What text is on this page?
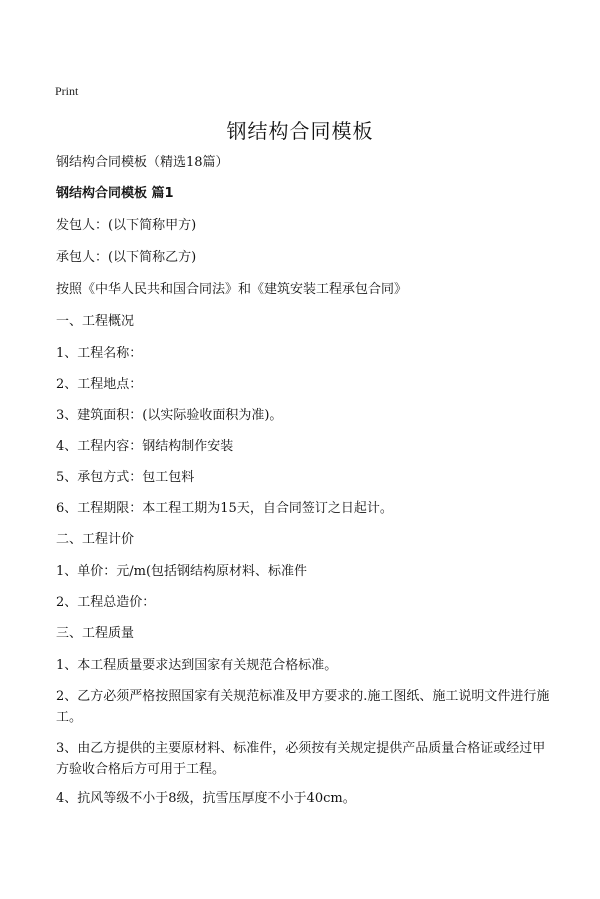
Print
钢结构合同模板
钢结构合同模板（精选18篇）
钢结构合同模板 篇1
发包人：(以下简称甲方)
承包人：(以下简称乙方)
按照《中华人民共和国合同法》和《建筑安装工程承包合同》
一、工程概况
1、工程名称：
2、工程地点：
3、建筑面积：(以实际验收面积为准)。
4、工程内容：钢结构制作安装
5、承包方式：包工包料
6、工程期限：本工程工期为15天，自合同签订之日起计。
二、工程计价
1、单价：元/m(包括钢结构原材料、标准件
2、工程总造价：
三、工程质量
1、本工程质量要求达到国家有关规范合格标准。
2、乙方必须严格按照国家有关规范标准及甲方要求的.施工图纸、施工说明文件进行施工。
3、由乙方提供的主要原材料、标准件，必须按有关规定提供产品质量合格证或经过甲方验收合格后方可用于工程。
4、抗风等级不小于8级，抗雪压厚度不小于40cm。
